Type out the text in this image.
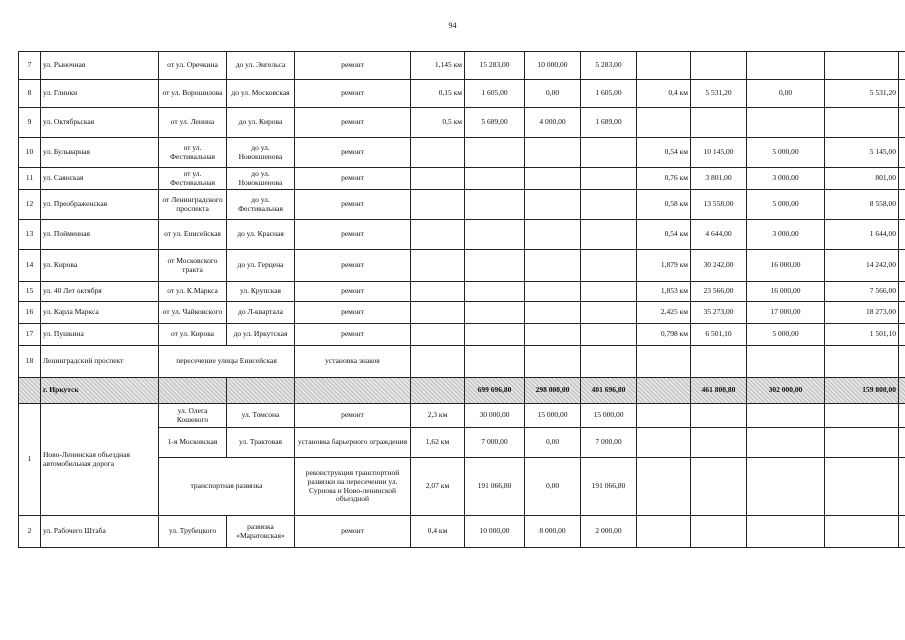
94
7	ул. Рыночная	от ул. Оречкина	до ул. Энгельса	ремонт	1,145 км	15 283,00	10 000,00	5 283,00					
8	ул. Глинки	от ул. Ворошилова	до ул. Московская	ремонт	0,15 км	1 605,00	0,00	1 605,00	0,4 км	5 531,20	0,00	5 531,20	
9	ул. Октябрьская	от ул. Ленина	до ул. Кирова	ремонт	0,5 км	5 689,00	4 000,00	1 689,00					
10	ул. Бульварная	от ул. Фестивальная	до ул. Новокшенова	ремонт					0,54 км	10 145,00	5 000,00	5 145,00	
11	ул. Саянская	от ул. Фестивальная	до ул. Новокшенова	ремонт					0,76 км	3 801,00	3 000,00	801,00	
12	ул. Преображенская	от Ленинградского проспекта	до ул. Фестивальная	ремонт					0,58 км	13 558,00	5 000,00	8 558,00	
13	ул. Пойменная	от ул. Енисейская	до ул. Красная	ремонт					0,54 км	4 644,00	3 000,00	1 644,00	
14	ул. Кирова	от Московского тракта	до ул. Герцена	ремонт					1,879 км	30 242,00	16 000,00	14 242,00	
15	ул. 40 Лет октября	от ул. К.Маркса	ул. Крупская	ремонт					1,853 км	23 566,00	16 000,00	7 566,00	
16	ул. Карла Маркса	от ул. Чайковского	до Л-квартала	ремонт					2,425 км	35 273,00	17 000,00	18 273,00	
17	ул. Пушкина	от ул. Кирова	до ул. Иркутская	ремонт					0,798 км	6 501,10	5 000,00	1 501,10	
18	Ленинградский проспект	пересечение улицы Енисейская		установка знаков									
	г. Иркутск					699 696,80	298 000,00	401 696,80		461 800,80	302 000,00	159 800,00	
1	Ново-Ленинская объездная автомобильная дорога	ул. Олега Кошевого	ул. Томсона	ремонт	2,3 км	30 000,00	15 000,00	15 000,00					
		1-я Московская	ул. Трактовая	установка барьерного ограждения	1,62 км	7 000,00	0,00	7 000,00					
		транспортная развязка		реконструкция транспортной развязки на пересечении ул. Сурнова и Ново-ленинской объездной	2,07 км	191 066,80	0,00	191 066,80					
2	ул. Рабочего Штаба	ул. Трубецкого	развязка «Маратовская»	ремонт	0,4 км	10 000,00	8 000,00	2 000,00					
